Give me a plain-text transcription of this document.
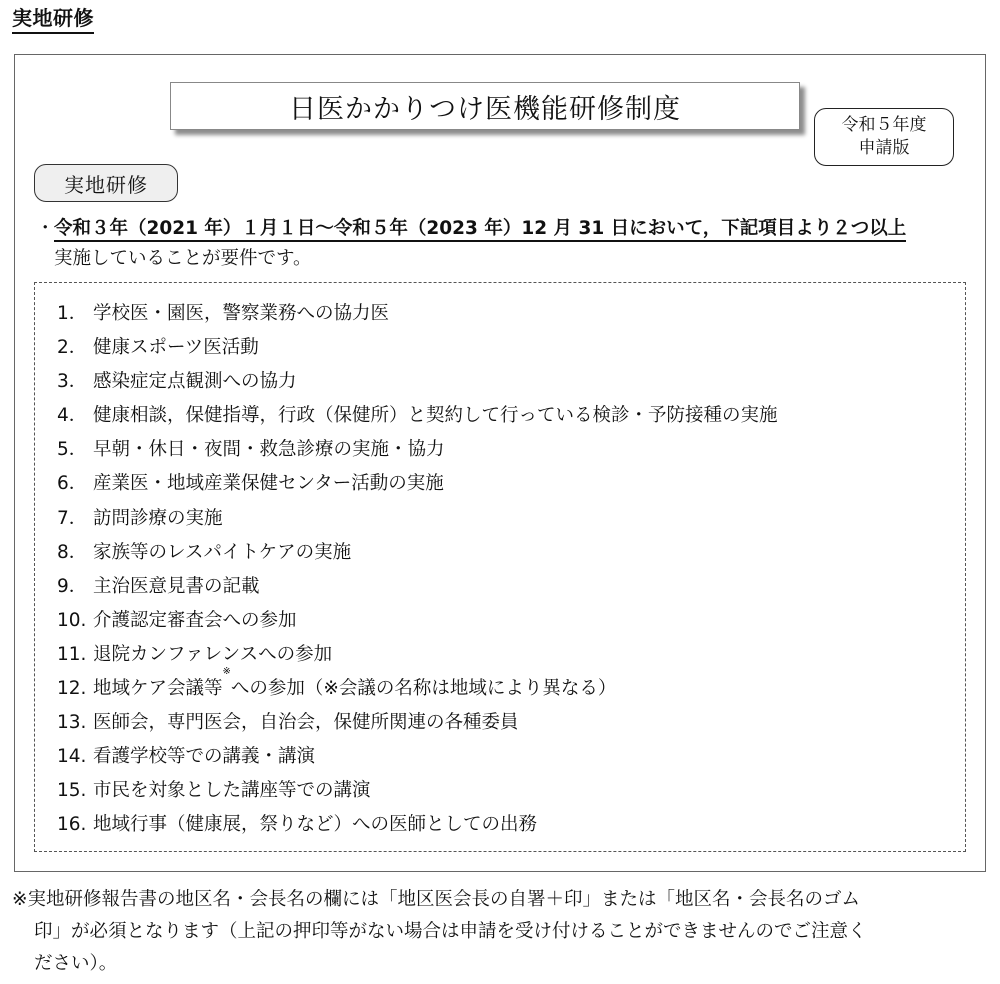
実地研修
日医かかりつけ医機能研修制度
令和５年度
申請版
実地研修
・令和３年（2021 年）１月１日～令和５年（2023 年）12 月 31 日において，下記項目より２つ以上
実施していることが要件です。
1． 学校医・園医，警察業務への協力医
2． 健康スポーツ医活動
3． 感染症定点観測への協力
4． 健康相談，保健指導，行政（保健所）と契約して行っている検診・予防接種の実施
5． 早朝・休日・夜間・救急診療の実施・協力
6． 産業医・地域産業保健センター活動の実施
7． 訪問診療の実施
8． 家族等のレスパイトケアの実施
9． 主治医意見書の記載
10. 介護認定審査会への参加
11. 退院カンファレンスへの参加
12. 地域ケア会議等
※
への参加（※会議の名称は地域により異なる）
13. 医師会，専門医会，自治会，保健所関連の各種委員
14. 看護学校等での講義・講演
15. 市民を対象とした講座等での講演
16. 地域行事（健康展，祭りなど）への医師としての出務
※実地研修報告書の地区名・会長名の欄には「地区医会長の自署＋印」または「地区名・会長名のゴム
印」が必須となります（上記の押印等がない場合は申請を受け付けることができませんのでご注意く
ださい）。
